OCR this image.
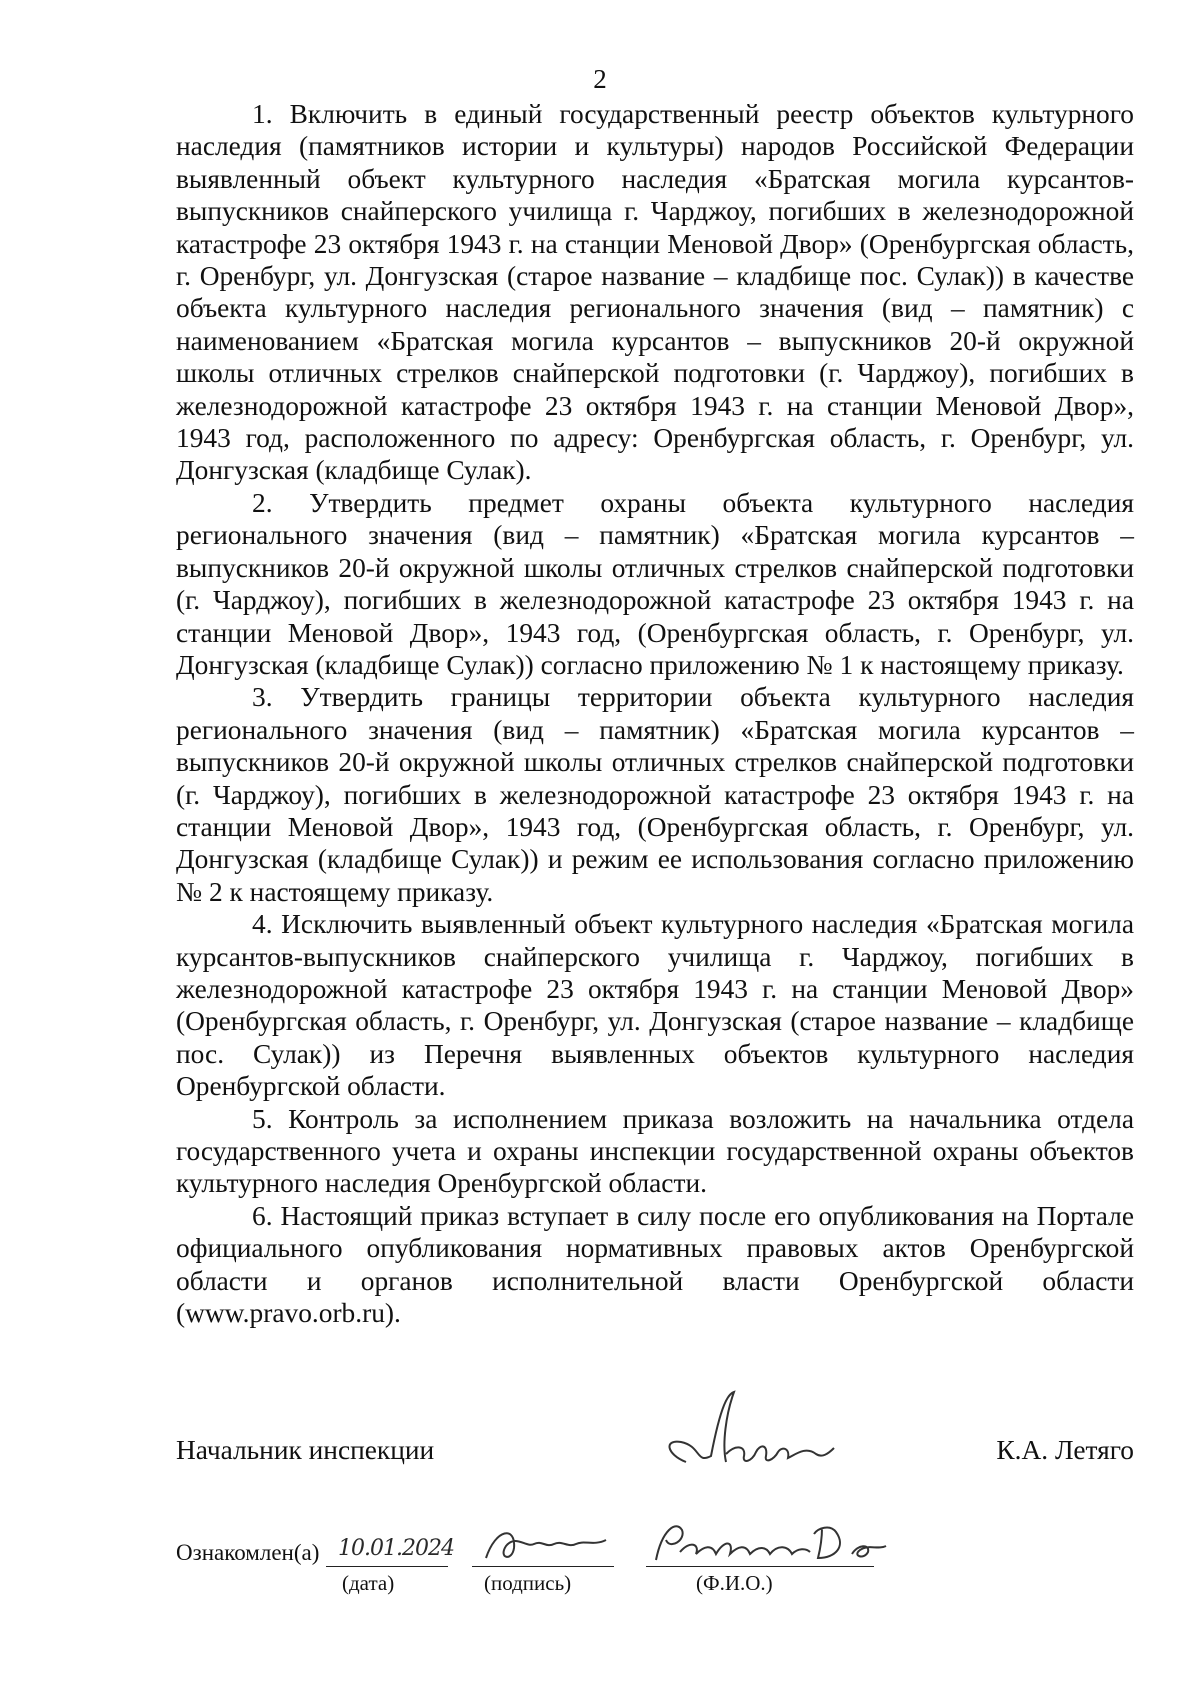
2

1. Включить в единый государственный реестр объектов культурного наследия (памятников истории и культуры) народов Российской Федерации выявленный объект культурного наследия «Братская могила курсантов-выпускников снайперского училища г. Чарджоу, погибших в железнодорожной катастрофе 23 октября 1943 г. на станции Меновой Двор» (Оренбургская область, г. Оренбург, ул. Донгузская (старое название – кладбище пос. Сулак)) в качестве объекта культурного наследия регионального значения (вид – памятник) с наименованием «Братская могила курсантов – выпускников 20-й окружной школы отличных стрелков снайперской подготовки (г. Чарджоу), погибших в железнодорожной катастрофе 23 октября 1943 г. на станции Меновой Двор», 1943 год, расположенного по адресу: Оренбургская область, г. Оренбург, ул. Донгузская (кладбище Сулак).

2. Утвердить предмет охраны объекта культурного наследия регионального значения (вид – памятник) «Братская могила курсантов – выпускников 20-й окружной школы отличных стрелков снайперской подготовки (г. Чарджоу), погибших в железнодорожной катастрофе 23 октября 1943 г. на станции Меновой Двор», 1943 год, (Оренбургская область, г. Оренбург, ул. Донгузская (кладбище Сулак)) согласно приложению № 1 к настоящему приказу.

3. Утвердить границы территории объекта культурного наследия регионального значения (вид – памятник) «Братская могила курсантов – выпускников 20-й окружной школы отличных стрелков снайперской подготовки (г. Чарджоу), погибших в железнодорожной катастрофе 23 октября 1943 г. на станции Меновой Двор», 1943 год, (Оренбургская область, г. Оренбург, ул. Донгузская (кладбище Сулак)) и режим ее использования согласно приложению № 2 к настоящему приказу.

4. Исключить выявленный объект культурного наследия «Братская могила курсантов-выпускников снайперского училища г. Чарджоу, погибших в железнодорожной катастрофе 23 октября 1943 г. на станции Меновой Двор» (Оренбургская область, г. Оренбург, ул. Донгузская (старое название – кладбище пос. Сулак)) из Перечня выявленных объектов культурного наследия Оренбургской области.

5. Контроль за исполнением приказа возложить на начальника отдела государственного учета и охраны инспекции государственной охраны объектов культурного наследия Оренбургской области.

6. Настоящий приказ вступает в силу после его опубликования на Портале официального опубликования нормативных правовых актов Оренбургской области и органов исполнительной власти Оренбургской области (www.pravo.orb.ru).

Начальник инспекции	К.А. Летяго
Ознакомлен(а) 10.01.2024
(дата)	(подпись)	(Ф.И.О.)
